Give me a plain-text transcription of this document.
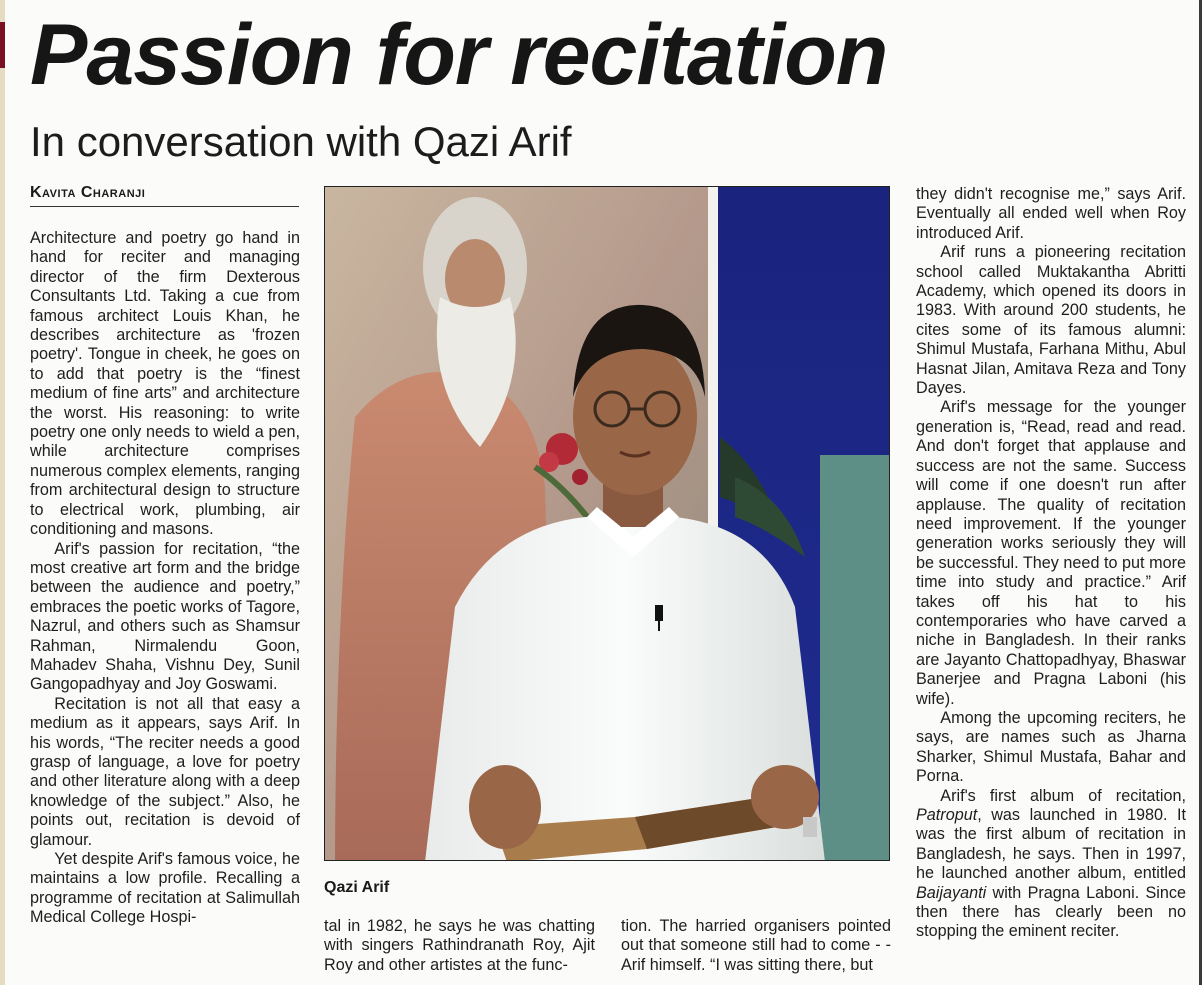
Passion for recitation
In conversation with Qazi Arif
Kavita Charanji

Architecture and poetry go hand in hand for reciter and managing director of the firm Dexterous Consultants Ltd. Taking a cue from famous architect Louis Khan, he describes architecture as 'frozen poetry'. Tongue in cheek, he goes on to add that poetry is the “finest medium of fine arts” and architecture the worst. His reasoning: to write poetry one only needs to wield a pen, while architecture comprises numerous complex elements, ranging from architectural design to structure to electrical work, plumbing, air conditioning and masons.

Arif's passion for recitation, “the most creative art form and the bridge between the audience and poetry,” embraces the poetic works of Tagore, Nazrul, and others such as Shamsur Rahman, Nirmalendu Goon, Mahadev Shaha, Vishnu Dey, Sunil Gangopadhyay and Joy Goswami.

Recitation is not all that easy a medium as it appears, says Arif. In his words, “The reciter needs a good grasp of language, a love for poetry and other literature along with a deep knowledge of the subject.” Also, he points out, recitation is devoid of glamour.

Yet despite Arif's famous voice, he maintains a low profile. Recalling a programme of recitation at Salimullah Medical College Hospi-

Qazi Arif

tal in 1982, he says he was chatting with singers Rathindranath Roy, Ajit Roy and other artistes at the func-

tion. The harried organisers pointed out that someone still had to come - - Arif himself. “I was sitting there, but

they didn't recognise me,” says Arif. Eventually all ended well when Roy introduced Arif.

Arif runs a pioneering recitation school called Muktakantha Abritti Academy, which opened its doors in 1983. With around 200 students, he cites some of its famous alumni: Shimul Mustafa, Farhana Mithu, Abul Hasnat Jilan, Amitava Reza and Tony Dayes.

Arif's message for the younger generation is, “Read, read and read. And don't forget that applause and success are not the same. Success will come if one doesn't run after applause. The quality of recitation need improvement. If the younger generation works seriously they will be successful. They need to put more time into study and practice.” Arif takes off his hat to his contemporaries who have carved a niche in Bangladesh. In their ranks are Jayanto Chattopadhyay, Bhaswar Banerjee and Pragna Laboni (his wife).

Among the upcoming reciters, he says, are names such as Jharna Sharker, Shimul Mustafa, Bahar and Porna.

Arif's first album of recitation, Patroput, was launched in 1980. It was the first album of recitation in Bangladesh, he says. Then in 1997, he launched another album, entitled Baijayanti with Pragna Laboni. Since then there has clearly been no stopping the eminent reciter.
